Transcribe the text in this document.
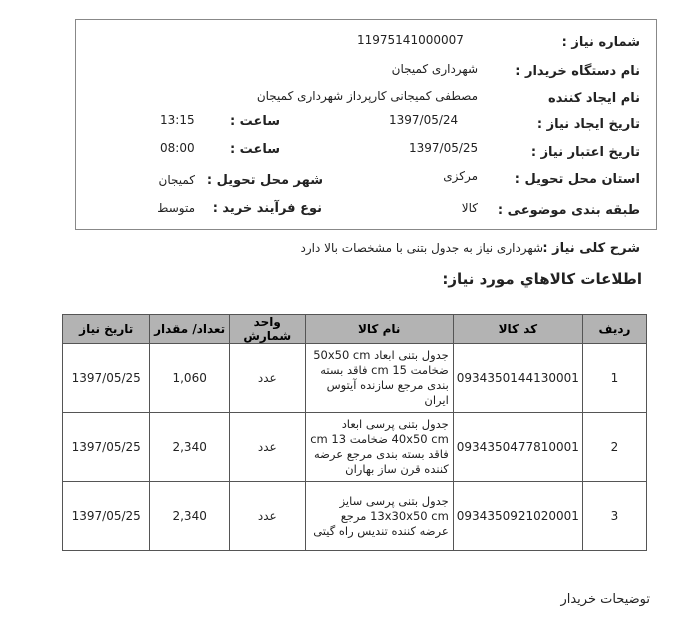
شماره نیاز :
11975141000007
نام دستگاه خریدار :
شهرداری کمیجان
نام ایجاد کننده
مصطفی کمیجانی کارپرداز شهرداری کمیجان
تاریخ ایجاد نیاز :
1397/05/24
ساعت :
13:15
تاریخ اعتبار نیاز :
1397/05/25
ساعت :
08:00
استان محل تحویل :
مرکزی
شهر محل تحویل :
کمیجان
طبقه بندی موضوعی :
کالا
نوع فرآیند خرید :
متوسط
شرح کلی نیاز :
شهرداری نیاز به جدول بتنی با مشخصات بالا دارد
اطلاعات کالاهاي مورد نیاز:
ردیف	کد کالا	نام کالا	واحد شمارش	تعداد/ مقدار	تاریخ نیاز
1	0934350144130001	جدول بتنی ابعاد 50x50 cm ضخامت 15 cm فاقد بسته بندی مرجع سازنده آیتوس ایران	عدد	1,060	1397/05/25
2	0934350477810001	جدول بتنی پرسی ابعاد 40x50 cm ضخامت 13 cm فاقد بسته بندی مرجع عرضه کننده قرن ساز بهاران	عدد	2,340	1397/05/25
3	0934350921020001	جدول بتنی پرسی سایز 13x30x50 cm مرجع عرضه کننده تندیس راه گیتی	عدد	2,340	1397/05/25
توضیحات خریدار
